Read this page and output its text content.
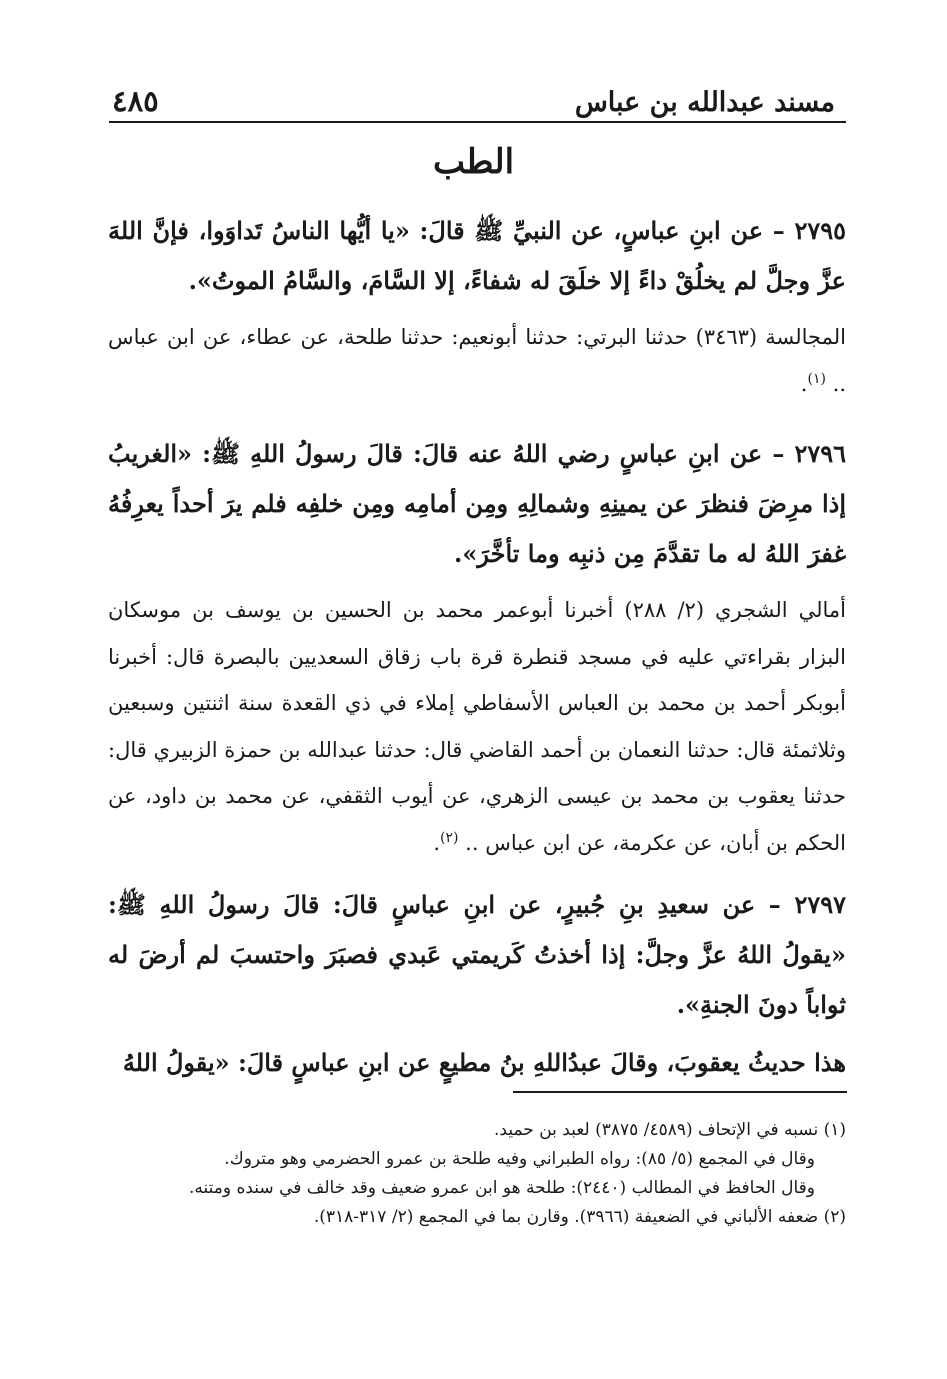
مسند عبدالله بن عباس
٤٨٥
الطب

٢٧٩٥ – عن ابنِ عباسٍ، عن النبيِّ ﷺ قالَ: «يا أيُّها الناسُ تَداوَوا، فإنَّ اللهَ عزَّ وجلَّ لم يخلُقْ داءً إلا خلَقَ له شفاءً، إلا السَّامَ، والسَّامُ الموتُ».

المجالسة (٣٤٦٣) حدثنا البرتي: حدثنا أبونعيم: حدثنا طلحة، عن عطاء، عن ابن عباس .. $^{(١)}$.

٢٧٩٦ – عن ابنِ عباسٍ رضي اللهُ عنه قالَ: قالَ رسولُ اللهِ ﷺ: «الغريبُ إذا مرِضَ فنظرَ عن يمينِهِ وشمالِهِ ومِن أمامِه ومِن خلفِه فلم يرَ أحداً يعرِفُهُ غفرَ اللهُ له ما تقدَّمَ مِن ذنبِه وما تأخَّرَ».

أمالي الشجري (٢/ ٢٨٨) أخبرنا أبوعمر محمد بن الحسين بن يوسف بن موسكان البزار بقراءتي عليه في مسجد قنطرة قرة باب زقاق السعديين بالبصرة قال: أخبرنا أبوبكر أحمد بن محمد بن العباس الأسفاطي إملاء في ذي القعدة سنة اثنتين وسبعين وثلاثمئة قال: حدثنا النعمان بن أحمد القاضي قال: حدثنا عبدالله بن حمزة الزبيري قال: حدثنا يعقوب بن محمد بن عيسى الزهري، عن أيوب الثقفي، عن محمد بن داود، عن الحكم بن أبان، عن عكرمة، عن ابن عباس .. $^{(٢)}$.

٢٧٩٧ – عن سعيدِ بنِ جُبيرٍ، عن ابنِ عباسٍ قالَ: قالَ رسولُ اللهِ ﷺ: «يقولُ اللهُ عزَّ وجلَّ: إذا أخذتُ كَريمتي عَبدي فصبَرَ واحتسبَ لم أرضَ له ثواباً دونَ الجنةِ».

هذا حديثُ يعقوبَ، وقالَ عبدُاللهِ بنُ مطيعٍ عن ابنِ عباسٍ قالَ: «يقولُ اللهُ

(١) نسبه في الإتحاف (٤٥٨٩/ ٣٨٧٥) لعبد بن حميد.

وقال في المجمع (٥/ ٨٥): رواه الطبراني وفيه طلحة بن عمرو الحضرمي وهو متروك.

وقال الحافظ في المطالب (٢٤٤٠): طلحة هو ابن عمرو ضعيف وقد خالف في سنده ومتنه.

(٢) ضعفه الألباني في الضعيفة (٣٩٦٦). وقارن بما في المجمع (٢/ ٣١٧-٣١٨).
